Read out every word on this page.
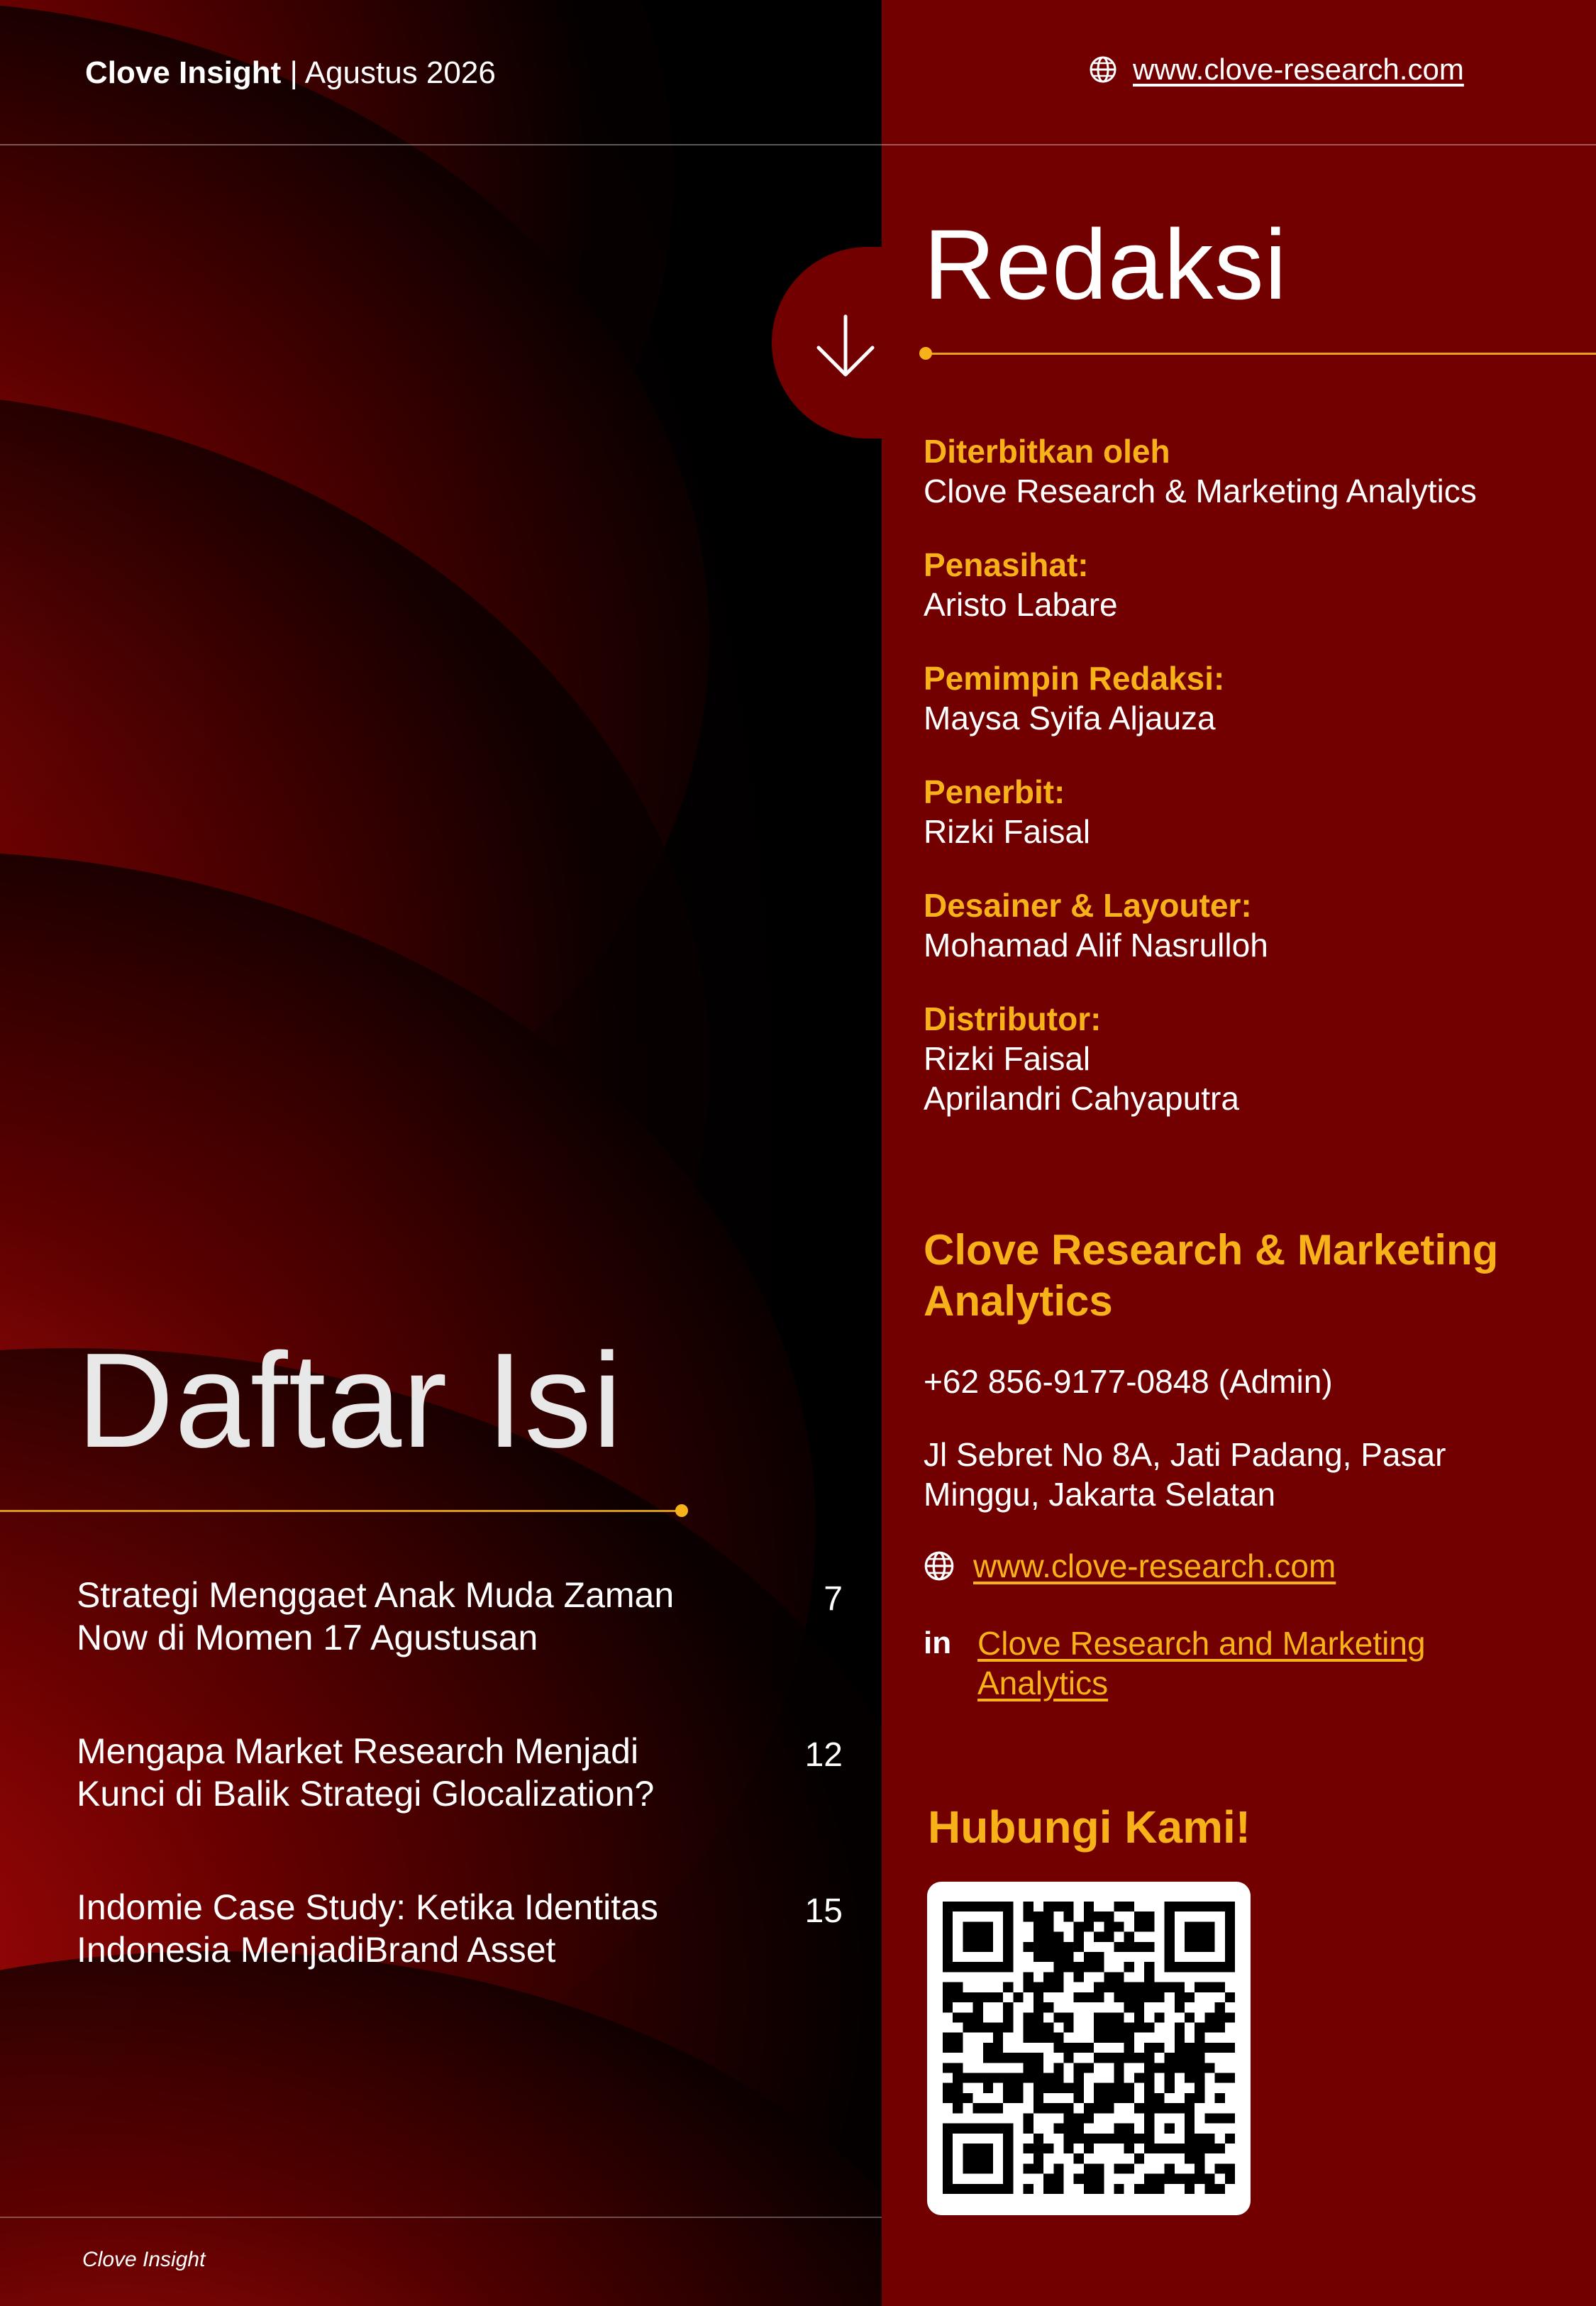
Clove Insight | Agustus 2026	www.clove-research.com
Redaksi
Diterbitkan oleh
Clove Research & Marketing Analytics
Penasihat:
Aristo Labare
Pemimpin Redaksi:
Maysa Syifa Aljauza
Penerbit:
Rizki Faisal
Desainer & Layouter:
Mohamad Alif Nasrulloh
Distributor:
Rizki Faisal
Aprilandri Cahyaputra
Clove Research & Marketing Analytics
+62 856-9177-0848 (Admin)
Jl Sebret No 8A, Jati Padang, Pasar Minggu, Jakarta Selatan
www.clove-research.com
in Clove Research and Marketing Analytics
Hubungi Kami!
Daftar Isi
Strategi Menggaet Anak Muda Zaman Now di Momen 17 Agustusan
7
Mengapa Market Research Menjadi Kunci di Balik Strategi Glocalization?
12
Indomie Case Study: Ketika Identitas Indonesia MenjadiBrand Asset
15
Clove Insight
